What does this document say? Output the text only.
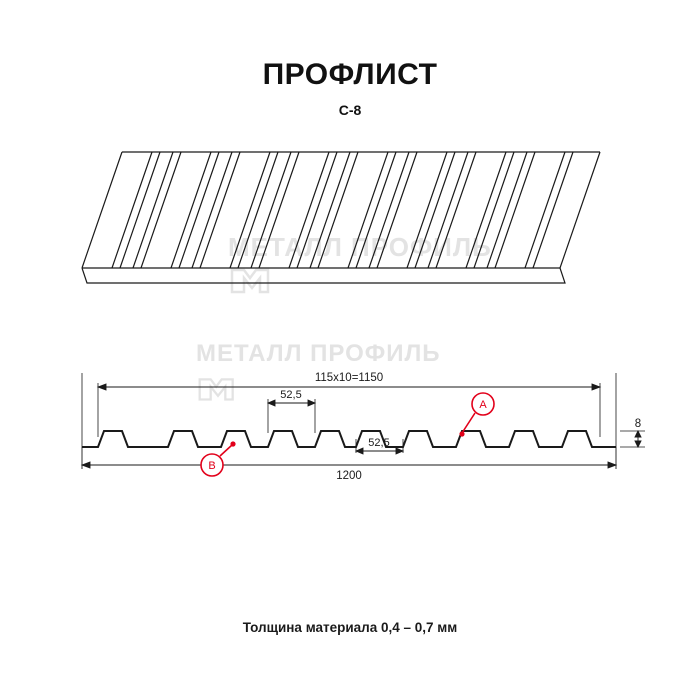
ПРОФЛИСТ
С-8
МЕТАЛЛ ПРОФИЛЬ
МЕТАЛЛ ПРОФИЛЬ
115х10=1150
1200
52,5
52,5
8
A
B
Толщина материала 0,4 – 0,7 мм
